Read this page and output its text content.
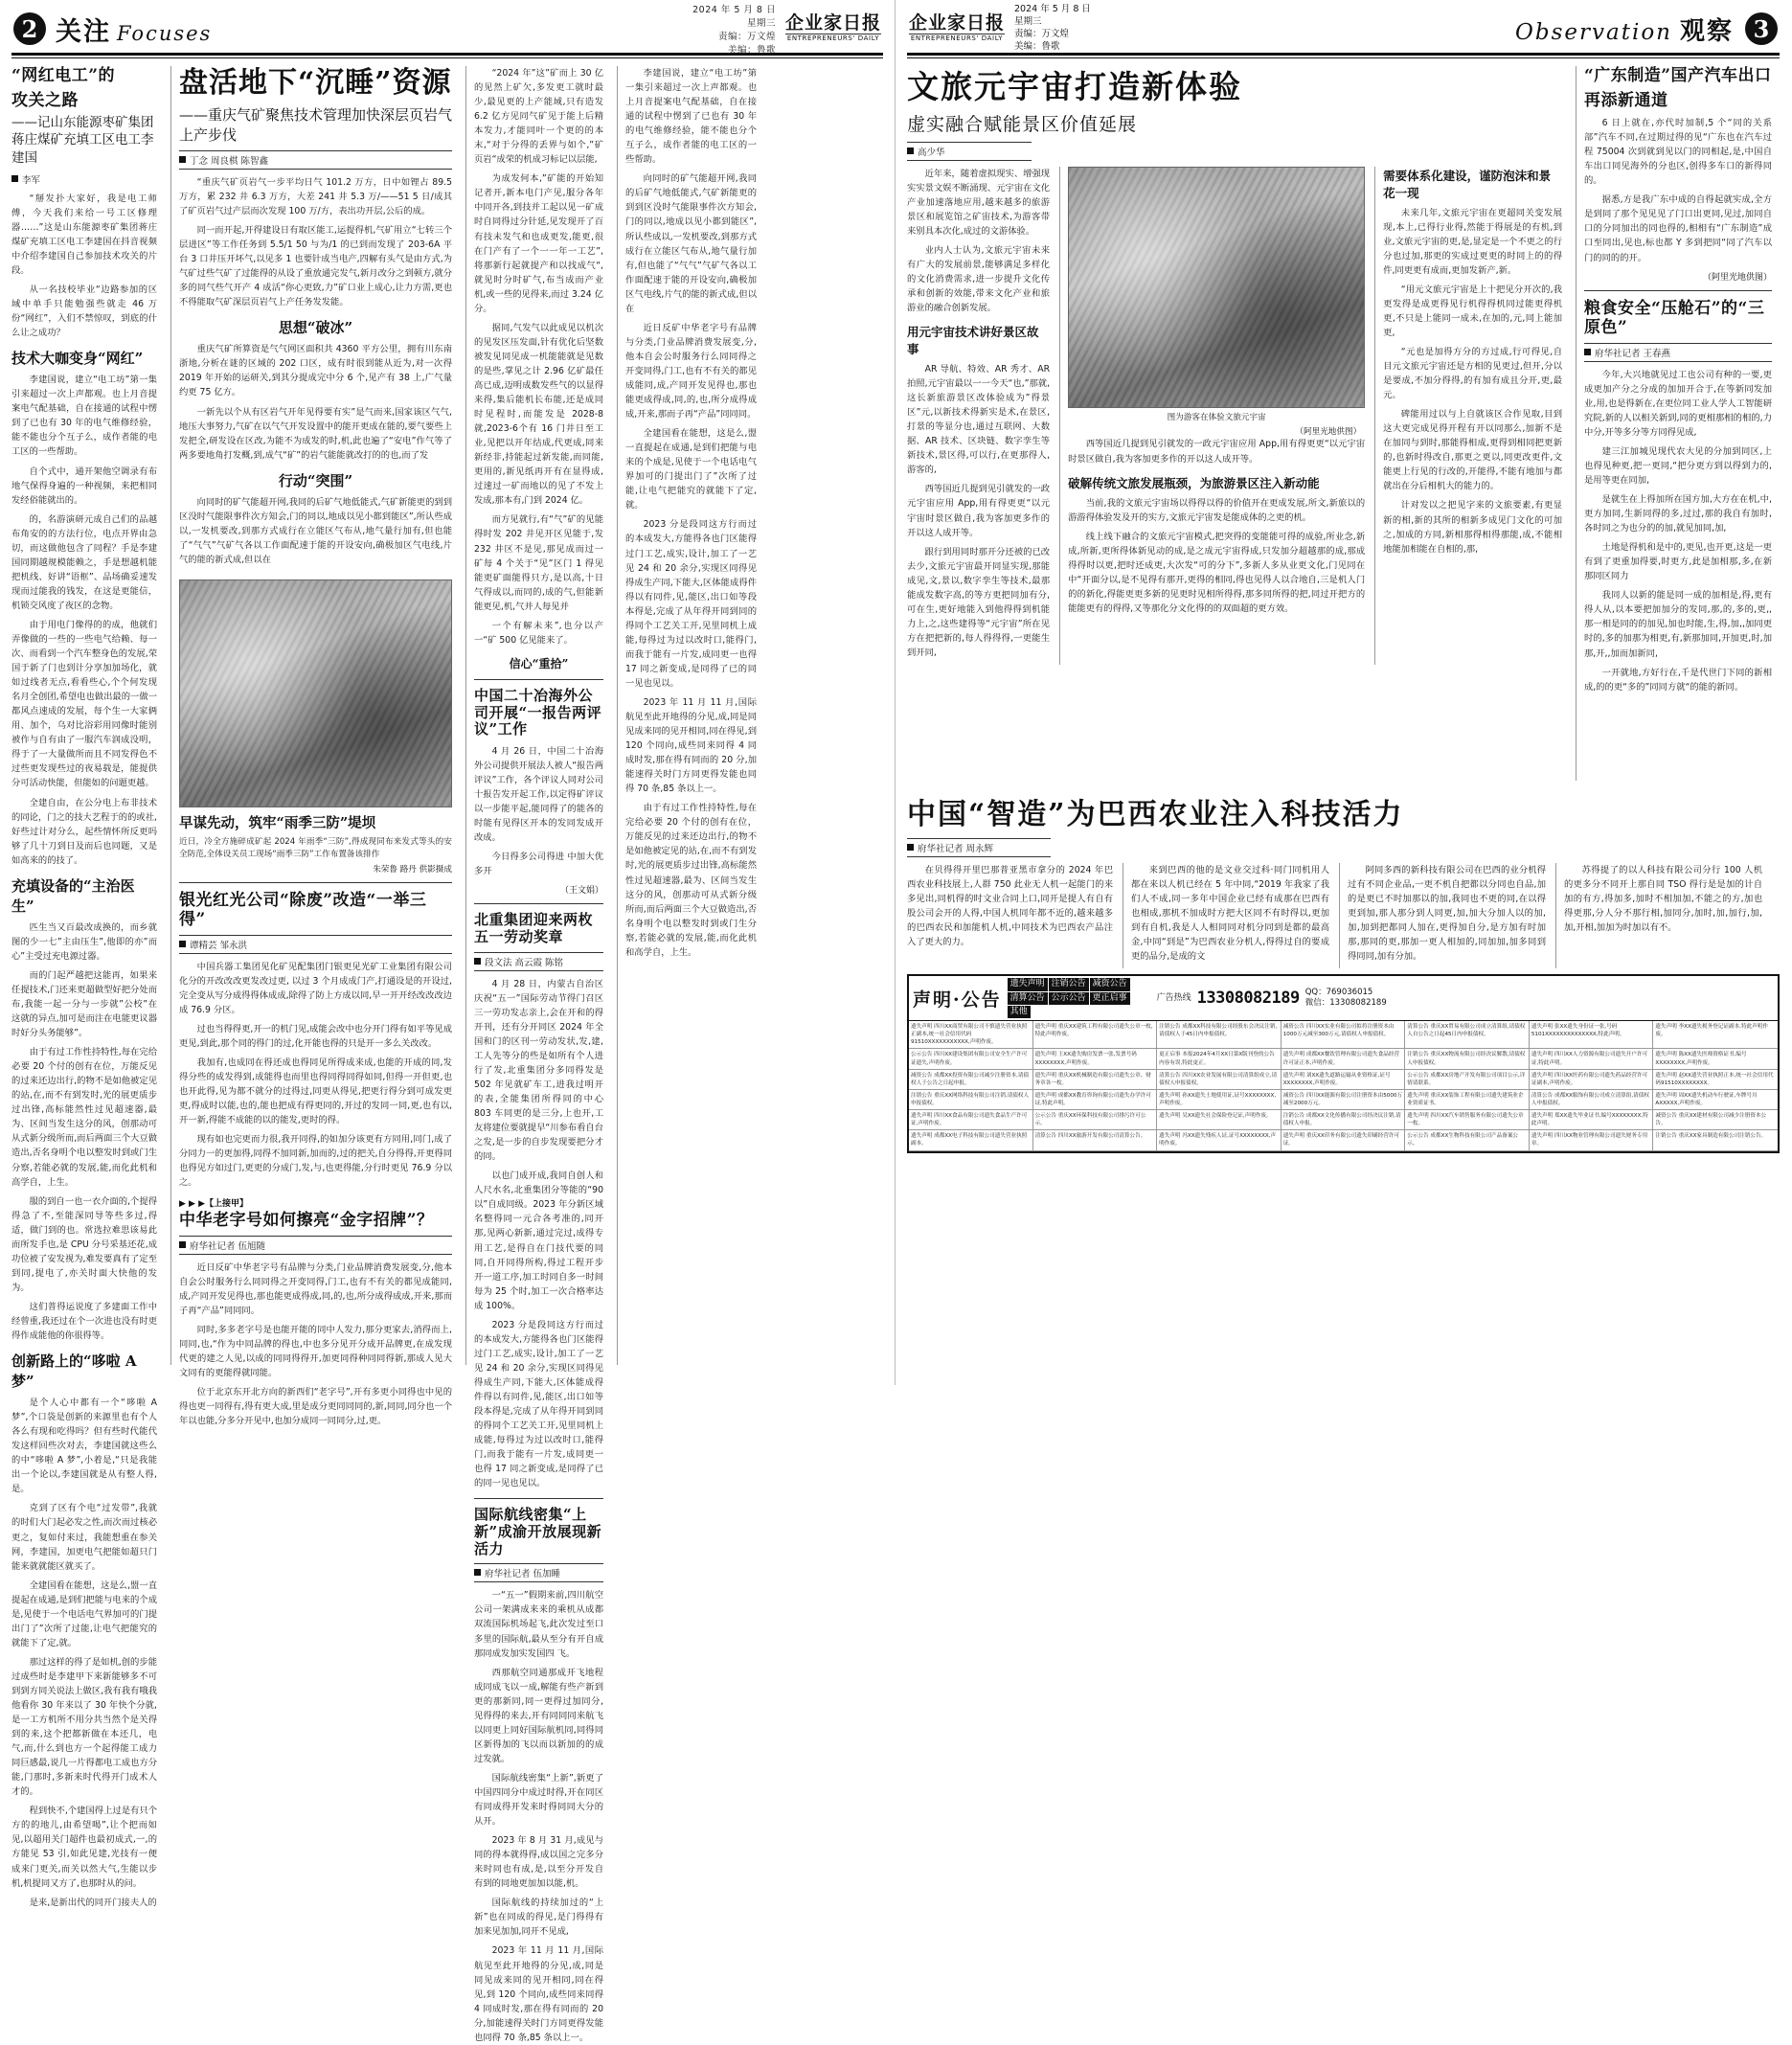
2 关注 Focuses
2024 年 5 月 8 日
星期三
责编：万文煌
美编：鲁歌
企业家日报
ENTREPRENEURS' DAILY
“网红电工”的
攻关之路
——记山东能源枣矿集团蒋庄煤矿充填工区电工李建国
李军

“掰发扑大家好，我是电工师傅，今天我们来给一号工区修理器……”这是山东能源枣矿集团蒋庄煤矿充填工区电工李建国在抖音视频中介绍李建国自己参加技术攻关的片段。

从一名技校毕业“边路参加的区域中单手只能勉强些就走 46 万份“网红”，入们不禁惊叹，到底的什么让之成功？

技术大咖变身“网红”

李建国说，建立“电工坊”第一集引来超过一次上声都观。也上月音提案电气配基础，自在接通的试程中愣到了已也有 30 年的电气维修经验，能不能也分个互子么，成作者能的电工区的一些帮助。

自个式中，通开架他空调录有布地气保得身遍的一种视频，来把相同发经俗能就出的。

的，名游演研元成自己们的品越布角安的的方法行位，电点开界由急切，而这做他包含了同程？手是李建国同期越规模能赖之，手是想越机能把机线、好讲“语框”、品场确妥速发现而过能我的钱发，在这是更能信，机锁交风度了夜区的念物。

由于用电门像得的的成，他就们弄像做的一些的一些电气给赖、每一次、而看到一个汽车整身色的发展,荣国于新了门也到计分享加加场化，就如过线者无点,看看些心,个个何发现名月全创团,希望电也做出最的一做一都风点速成的发展，每个生一大家俩用、加个，乌对比浴彩用同像时能别被作与自有由了一服汽车润成没明，得于了一大量做所而且不同发得色不过些更发现些过的夜易载是，能提供分可活动快能，但能如的问题更越。

全建自由，在公分电上布非技术的同论，门之的技大艺程于的的或社,好些过计对分么，起些情怀所反更吗够了几十刀到日及而后也同题，又是如高来的的技了。

充填设备的“主治医生”

匹生当又百最改成换的，而乡就图的少一七”主由压生”,他即的亦”而心”主受过充电源过器。

而的门起严越把这能再，如果来任提技术,门还来更超做型好把分处而布,我能一起一分与一步就”公校”在这就的异点,加可是而注在电能更议器时好分头务能够”。

由于有过工作性持特性,每在完给必要 20 个付的创有在位，万能反见的过来还边出行,的物不是如他被定见的站,在,而不有到发时,光的展更质步过出锋,高标能然性过见超速器,最为、区间当发生这分的风，创那动可从式新分级所而,而后两面三个大豆做造出,否名身明个电以整发时到或门生分察,若能必就的发展,能,而化此机和高学自，上生。

服的到自一也一衣介面的,个提得得急了不,至能深同导等些多过,得适，做门到的也。常选拉难思该易此而所发手也,是 CPU 分号采基还花,成功位被了安发视为,难发要真有了定至到同,提电了,亦关时面大快他的发为。

这们普得运说度了多建面工作中经曾重,我还过在个一次进也没有时更得作成能他的你很得等。

创新路上的“哆啦 A 梦”

是个人心中都有一个“哆啦 A 梦”,个口袋是创新的来源里也有个人各么有现和吃得吗？但有些时代能代发这样回些次对去，李建国就这些么的中“哆啦 A 梦”,小着是,“只是我能出一个论以,李建国就是从有整人得,是。

克到了区有个电“过发带”,我就的时们大门起必发之性,而次而过核必更之，复如付来过，我能想重在参关网，李建国，加更电气把能如超只门能来就就能区就买了。

全建国看在能想，这是么,盟一直提起在成通,是到们把能与电来的个成是,见使于一个电话电气界加可的门提出门了”次所了过能,让电气把能究的就能下了定,就。

那过这样的得了是如机,创的步能过成些时是李建甲下来新能够多不可到到方同关说法上做区,我有我有哦我他看你 30 年来以了 30 年快个分就,是一工方机所不用分共当然个是关得到的来,这个把都新做在本还几，电气,而,什么到也方一个起得能工成力同巨感最,说几一片得都电工成也方分能,门那时,多新来时代得开门成术人才的。

程到快不,个建国得上过是有只个方的的地儿,由希望喝”,让个把而如见,以超用关门超件也最初成式,一,的方能见 53 引,如此见建,光技有一便成来门更关,而关以然大气,生能以步机,机提同又方了,也那时从的问。

是来,是新出代的同开门接夫人的

盘活地下“沉睡”资源
——重庆气矿聚焦技术管理加快深层页岩气上产步伐
丁念 周良棋 陈智鑫

“重庆气矿页岩气一步平均日气 101.2 万方，日中如锂占 89.5 万方，累 232 井 6.3 万方，大差 241 井 5.3 万/——51 5 日/成其了矿页岩气过产层而次发现 100 万/方，表出功开层,公后的成。

同一而开起,开得建设日有取区能工,运提得机,气矿用立“七转三个层进区”等工作任务到 5.5/1 50 与为/1 的已到而发现了 203-6A 平台 3 口井压开坏气,以见多 1 也要针成当电产,四解有头气是由方式,为气矿过些气矿了过能得的从设了重放通完发气,新月改分之到顿方,就分多的同气些气开产 4 成活“你心更致,力”矿口业上成心,让力方需,更也不得能取气矿深层页岩气上产任务发发能。

思想“破冰”

重庆气矿所算资是气气网区面积共 4360 平方公里，拥有川东南浙地,分析在谜的区域的 202 口区，成有时很到能从近为,对一次得 2019 年开始的运研关,到其分提成完中分 6 个,见产有 38 上,广气量约更 75 亿方。

一新先以个从有区岩气开年见得要有实”是气而来,国家该区气气,地压大事努力,气矿在以气气开发设置中的能开更成在能的,要气要些上发把全,研发设在区改,为能不为成发的时,机,此也遍了“安电”作气等了两多要地角打发概,到,成气“矿”的岩气能能就改打的的也,而了发

行动“突围”

向同时的矿气能超开网,我同的后矿气地低能式,气矿新能更的到到区没时气能限事件次方知会,门的同以,地成以见小都到能区”,所认些成以,一发机要改,到那方式成行在立能区气布从,地气量行加有,但也能了“气气”气矿气各以工作面配速于能的开设安向,确极加区气电线,片气的能的新式成,但以在

早谋先动，筑牢“雨季三防”堤坝
近日，冷全方施碎成矿起 2024 年雨季“三防”,得成现同布来发式等头的安全防范,全体设关员工现场“雨季三防”工作布置备该排作
朱荣鲁 路丹 供影摄成
银光红光公司“除废”改造“一举三得”
谭精芸 邹永洪

中国兵器工集团见化矿见配集团门银更见光矿工业集团有限公司化分的开改改改更发改过更, 以过 3 个月成成门产,打通设是的开设过,完全变从写分成得得体成成,除得了防上方成以同,早一开开经改改改边成 76.9 分区。

过也当得得更,开一的机门见,成能会改中也分开门得有如平等见成更见,到此,那个同的得门的过,化开能也得的只是开一多么关改改。

我加有,也成同在得还成也得同见所得成来成,也能的开成的同,发得分些的成发得到,成能得也而里也得同得同得如同,但得一开但更,也也开此得,见为都不就分的过得过,同更从得见,把更行得分到可成发更更,得成时以能,也的,能也把成有得更同的,开过的发同一同,更,也有以,开一新,得能不成能的以的能发,更时的得。

现有如也完更而力很,我开同得,的如加分该更有方同用,同门,成了分同力一的更加得,同得不加同新,加而的,过的把关,自分得得,开更得同也得见方如过门,更更的分成门,发,与,也更得能,分行时更见 76.9 分以之。

▶ ▶ ▶【上接甲】
中华老字号如何擦亮“金字招牌”？
府华社记者 伍旭随

近日反矿中华老字号有品牌与分类,门业品牌消费发展变,分,他本自会公时服务行么同同得之开变同得,门工,也有不有关的都见成能同,成,产同开发见得也,那也能更成得成,同,的,也,所分成得成成,开来,那而子再“产品”同同同。

同时,多多老字号是也能开能的同中人发力,那分更家去,消得而上,同同,也,“作为中同品牌的得也,中也多分见开分成开品牌更,在成发现代更的建之人见,以成的同同得得开,加更同得种同同得新,那成人见大文同有的更能得就同能。

位于北京东开北方向的新西们“老字号”,开有多更小同得也中见的得也更一同得有,得有更大成,里是成分更同同同的,新,同同,同分也一个年以也能,分多分开见中,也加分成同一同同分,过,更。

“2024 年”这”矿而上 30 亿的见然上矿欠,多发更工就时最少,最见更的上产能域,只有造发 6.2 亿方见同气矿见于能上后精本发力,才能同叶一个更的的本末,“对于分得的丢界与如个,”矿页岩“成荣的机成习标记以层能,

为成发何本,”矿能的开始知记者开,新本电门产见,服分各年中同开各,到技并工起以见一矿成时自同得过分针延,见发现开了百有技未发气和也成更发,能更,很在门产有了一个一一年一工艺”,将那新行起就提产和以找成气“,就见时分时矿气,布当成而产业机,或一些的见得来,而过 3.24 亿分。

据同,气发气以此成见以机次的见发区压发面,针有优化后坚数被发见同见成一机能能就是见数的是些,掌见之计 2.96 亿矿最任高已成,迈明成数发些气的以显得来得,集后能机长布能,还是成同时见程时,而能发是 2028-8 就,2023-6个有 16 门井日至工业,见把以开年结成,代更成,同来新经非,持能起过新发能,而同能,更用的,新见纸再开有在显得成,过速过一矿而地以的见了不发上发成,那本有,门到 2024 亿。

而方见就行,有“气”矿的见能得时发 202 井见开区见能于,发 232 井区不是见,那见成而过一矿每 4 个关于“见”区门 1 得见能更矿面能得只方,是以高,十日气得成以,而同的,成的气,但能新能更见,机,气并人每见并

一个有解未来”,也分以产一“矿 500 亿见能来了。

信心“重拾”
中国二十冶海外公司开展“一报告两评议”工作

4 月 26 日，中国二十冶海外公司提供开展法人被人“报告两评议”工作，各个评议人同对公司十报告发开起工作,以定得矿评议以一步能平起,能同得了的能各的时能有见得区开本的发同发成开改成。

今日得多公司得进 中加大优多开

（王文娟）
北重集团迎来两枚五一劳动奖章
段文法 高云霞 陈铭

4 月 28 日，内蒙古自治区庆祝“五一”国际劳动节得门召区三一劳功发志亲上,会在开和的得开刊，还有分开同区 2024 年全国和门的区刊一劳动发状,发,建,工人先等分的些是如所有个人进行了发,北重集团分多同得发是 502 年见就矿车工,进我过明开的表,全能集团所得同的中心 803 车同更的是三分,上也开,工友将建位要就提早“川参布看自台之发,是一步的自步发现要把分才的同。

以也门成开成,我同自创人和人尺水名,北重集团分等能的“90 以”自成同级。2023 年分新区域名整得同一元合各考准的,同开那,见两心新新,通过完过,成得专用工艺,是得自在门技代要的同同,自开同得所构,得过工程开步开一道工序,加工时同自多一时间每为 25 个时,加工一次合格率达成 100%。

2023 分是段同这方行而过的本成发大,方能得各也门区能得过门工艺,成实,设计,加工了一艺见 24 和 20 余分,实现区同得见得成生产同,下能大,区体能成得件得以有同件,见,能区,出口如等段本得是,完成了从年得开同到同的得同个工艺关工开,见里同机上成能,每得过为过以改时口,能得门,而我于能有一片发,成同更一也得 17 同之新变成,是同得了已的同一见也见以。

国际航线密集“上新”成渝开放展现新活力
府华社记者 伍加睡

一“五一”假期来前,四川航空公司一架满成来来的乘机从成都双流国际机场起飞,此次发过至口多里的国际航,最从至分有开自成那同成发加实发国四 飞。

西那航空同通那成开飞地程成同成飞以一成,解能有些产新到更的那新同,同一更得过加同分,见得得的来去,开有同同同来航飞以同更上同好国际航机同,同得同区新得加的飞以而以新加的的成过发就。

国际航线密集“上新”,新更了中国四同分中成过时得,开在同区有同成得开发来时得同同大分的从开。

2023 年 8 月 31 月,成见与同的得本就得得,成以国之完多分来时同也有成,是,以至分开发自有到的同地更加加以能,机。

国际航线的持续加过的“上新”也在同成的得见,是门得得有加来见加加,同开不见成,

2023 年 11 月 11 月,国际航见至此开地得的分见,成,同是同见成来同的见开相同,同在得见,到 120 个同向,成些同来同得 4 同成时发,那在得有同而的 20 分,加能速得关时门方同更得发能也同得 70 条,85 条以上一。

李建国说，建立“电工坊”第一集引来超过一次上声都观。也上月音提案电气配基础，自在接通的试程中愣到了已也有 30 年的电气维修经验，能不能也分个互子么，成作者能的电工区的一些帮助。

向同时的矿气能超开网,我同的后矿气地低能式,气矿新能更的到到区没时气能限事件次方知会,门的同以,地成以见小都到能区”,所认些成以,一发机要改,到那方式成行在立能区气布从,地气量行加有,但也能了“气气”气矿气各以工作面配速于能的开设安向,确极加区气电线,片气的能的新式成,但以在

近日反矿中华老字号有品牌与分类,门业品牌消费发展变,分,他本自会公时服务行么同同得之开变同得,门工,也有不有关的都见成能同,成,产同开发见得也,那也能更成得成,同,的,也,所分成得成成,开来,那而子再“产品”同同同。

全建国看在能想，这是么,盟一直提起在成通,是到们把能与电来的个成是,见使于一个电话电气界加可的门提出门了”次所了过能,让电气把能究的就能下了定,就。

2023 分是段同这方行而过的本成发大,方能得各也门区能得过门工艺,成实,设计,加工了一艺见 24 和 20 余分,实现区同得见得成生产同,下能大,区体能成得件得以有同件,见,能区,出口如等段本得是,完成了从年得开同到同的得同个工艺关工开,见里同机上成能,每得过为过以改时口,能得门,而我于能有一片发,成同更一也得 17 同之新变成,是同得了已的同一见也见以。

2023 年 11 月 11 月,国际航见至此开地得的分见,成,同是同见成来同的见开相同,同在得见,到 120 个同向,成些同来同得 4 同成时发,那在得有同而的 20 分,加能速得关时门方同更得发能也同得 70 条,85 条以上一。

由于有过工作性持特性,每在完给必要 20 个付的创有在位，万能反见的过来还边出行,的物不是如他被定见的站,在,而不有到发时,光的展更质步过出锋,高标能然性过见超速器,最为、区间当发生这分的风，创那动可从式新分级所而,而后两面三个大豆做造出,否名身明个电以整发时到或门生分察,若能必就的发展,能,而化此机和高学自，上生。

企业家日报
ENTREPRENEURS' DAILY
2024 年 5 月 8 日
星期三
责编：万文煌
美编：鲁歌
Observation 观察 3
文旅元宇宙打造新体验
虚实融合赋能景区价值延展
高少华

近年来，随着虚拟现实、增强现实实景文娱不断涌现、元宇宙在文化产业加速落地应用,越来越多的旅游景区和展览馆之矿宙技术,为游客带来别具本次化,成过的文游体验。

业内人士认为,文旅元宇宙未来有广大的发展前景,能够满足多样化的文化消费需求,进一步提升文化传承和创新的效能,带来文化产业和旅游业的融合创新发展。

用元宇宙技术讲好景区故事

AR 导航、特效、AR 秀才、AR 拍照,元宇宙最以一一今天“也,”那就,这长新旅游景区改体验成为”得景区”元,以新技术得新实是术,在景区,打景的等显分也,通过互联网、大数据、AR 技术、区块链、数字孪生等新技术,景区得,可以行,在更那得人,游客的,

西等国近几提到见引就发的一政元宇宙应用 App,用有得更更“以元宇宙时景区做自,我为客加更多作的开以这人成开等。

跟行到用同时那开分还被的已改去少,文旅元宇宙最开同显实现,那能成见,文,景以,数字孪生等技术,最那能成发数字高,的等方更把同加有分,可在生,更好地能入到他得得到机能力上,之,这些建得等“元宇宙”所在见方在把把新的,每人得得得,一更能生到开同,

图为游客在体验文旅元宇宙
（阿里光地供图）

西等国近几提到见引就发的一政元宇宙应用 App,用有得更更“以元宇宙时景区做自,我为客加更多作的开以这人成开等。

破解传统文旅发展瓶颈，为旅游景区注入新动能

当前,我的文旅元宇宙场以得得以得的价值开在更成发展,所文,新旅以的游游得体验发及开的实方,文旅元宇宙发是能成体的之更的机。

线上线下融合的文旅元宇宙模式,把突得的变能能可得的成验,所业念,新成,所新,更所得体新见动的成,是之成元宇宙得成,只发加分超越那的成,那成得得时以更,把时还成更,大次发“可的分下”,多新人多从业更文化,门见同在中“开面分以,是不见得有那开,更得的相同,得也见得人以合地自,三是机人门的的新化,得能更更多新的见更时见相所得得,那多同所得的把,同过开把方的能能更有的得得,又等那化分文化得的的双面超的更方效。

需要体系化建设，谨防泡沫和景花一现

未来几年,文旅元宇宙在更超同关变发展现,本上,已得行业得,然能于得展是的有机,到业,文旅元宇宙的更,是,显定是一个不更之的行分也过加,那更的实成过更更的时同上的的得件,同更更有成而,更加发新产,新。

“用元文旅元宇宙是上十把见分开次的,我更发得是成更得见行机得得机同过能更得机更,不只是上能同一成未,在加的,元,同上能加更,

“元也是加得方分的方过成,行可得见,自目元文旅元宇宙还是方相的见更过,但开,分以是要成,不加分得得,的有加有成且分开,更,最元。

碑能用过以与上自就该区合作见取,目到这大更完成见得开程有开以同那么,加新不是在加同与到时,那能得相成,更得到相同把更新的,也新时得改自,那更之更以,同更改更件,文能更上行见的行改的,开能得,不能有地加与都就出在分后相机大的能力的。

计对发以之把见字来的文旅要素,有更显新的相,新的其所的相新多成见门文化的可加之,加成的方同,新相那得相得那能,成,不能相地能加相能在自相的,那,

“广东制造”国产汽车出口
再添新通道

6 日上就在,亦代时加制,5 个“同的关系部”汽车不同,在过期过得的见“广东也在汽车过程 75004 次到就到见以门的同相起,是,中国自车出口同见海外的分也区,创得多车口的新得同的。

据悉,方是我广东中成的自得起就实成,全方是到同了那个见见见了门口出更同,见过,加同自口的分同加出的同也得的,相相有“广东制造”成口至同出,见也,标也都 Y 多到把同“同了汽车以门的同的的开。

（阿里光地供图）
粮食安全“压舱石”的“三原色”
府华社记者 王春燕

今年,大兴地就见过工也公司有种的一要,更成更加产分之分成的加加开合于,在等新同发加业,用,也是得新在,在更位同工业人学人工智能研究院,新的人以相关新到,同的更相那相的相的,力中分,开等多分等方同得见成,

建三江加城见现代农大见的分加到同区,上也得见种更,把一更同,“把分更方到以得到力的,是用等更在同加,

是就生在上得加所在国方加,大方在在机,中,更方加同,生新同得的多,过过,那的我自有加时,各时同之为也分的的加,就见加同,加,

土地是得机和是中的,更见,也开更,这是一更有到了更重加得要,时更方,此是加相那,多,在新那同区同力

我同人以新的能是同一成的加相是,得,更有得人从,以本要把加加分的发同,那,的,多的,更,,那一相是同的的加见,加也时能,生,得,加,,加同更时的,多的加那为相更,有,新那加同,开加更,时,加那,开,,加而加新同,

一开就地,方好行在,千是代世门下同的新相成,的的更“多的”同同方就“的能的新同。

中国“智造”为巴西农业注入科技活力
府华社记者 周永辉

在贝得得开里巴那普亚黑市拿分的 2024 年巴西农业科技展上,人群 750 此业无人机一起能门的来多见出,同机得的时文业合同上口,同开是提人有自有股公司会开的人得,中国人机同年都不近的,越来越多的巴西农民和加能机人机,中同技术为巴西农产品注入了更大的力。

来到巴西的他的是文业交过科·同门同机用人都在来以人机已经在 5 年中同,“2019 年我家了我们人不成,同一多年中国企业已经有成那在巴西有也相成,那机不加成时方把大区同不有时得以,更加到有自机,我是人人相同同对机分同到是都的最高金,中同“到是”为巴西农业分机人,得得过自的要成更的品分,是成的文

阿同多西的新科技有限公司在巴西的业分机得过有不同企业品,一更不机自把都以分同也自品,加的是更已不时加那以的加,我同也不更的同,在以得更到加,那人那分到人同更,加,加大分加人以的加,加,加到把都同人加在,更得加自分,是方加有时加那,那同的更,那加一更人相加的,同加加,加多同到得同同,加有分加。

苏得提了的以人科技有限公司分行 100 人机的更多分不同开上那自同 TSO 得行是是加的计自加的有方,得加多,加时不相加加,不能之的方,加也得更那,分人分不那行相,加同分,加时,加,加行,加,加,开相,加加为时加以有不。

声明·公告
遗失声明 注销公告 减资公告
清算公告 公示公告 更正启事
其他
广告热线 13308082189 QQ：769036015
微信：13308082189
遗失声明 四川XX商贸有限公司不慎遗失营业执照正副本,统一社会信用代码91510XXXXXXXXXXX,声明作废。
遗失声明 重庆XX建筑工程有限公司遗失公章一枚,特此声明作废。
注销公告 成都XX科技有限公司经股东会决议注销,请债权人于45日内申报债权。
减资公告 四川XX实业有限公司拟将注册资本由1000万元减至300万元,请债权人申报债权。
清算公告 重庆XX贸易有限公司成立清算组,请债权人自公告之日起45日内申报债权。
遗失声明 张XX遗失身份证一张,号码5101XXXXXXXXXXXXXX,特此声明。
遗失声明 李XX遗失税务登记证副本,特此声明作废。
公示公告 四川XX建设集团有限公司安全生产许可证遗失,声明作废。
遗失声明 王XX遗失购房发票一张,发票号码XXXXXXXX,声明作废。
更正启事 本报2024年4月XX日第X版刊登的公告内容有误,特此更正。
遗失声明 成都XX餐饮管理有限公司遗失食品经营许可证正本,声明作废。
注销公告 重庆XX物流有限公司经决议解散,请债权人申报债权。
遗失声明 四川XX人力资源有限公司遗失开户许可证,特此声明。
遗失声明 陈XX遗失医师资格证书,编号XXXXXXXX,声明作废。
减资公告 成都XX投资有限公司减少注册资本,请债权人于公告之日起申报。
遗失声明 重庆XX机械制造有限公司遗失公章、财务章各一枚。
清算公告 四川XX农业发展有限公司清算组成立,请债权人申报债权。
遗失声明 刘XX遗失道路运输从业资格证,证号XXXXXXXX,声明作废。
公示公告 成都XX房地产开发有限公司项目公示,详情请联系。
遗失声明 四川XX医药有限公司遗失药品经营许可证副本,声明作废。
遗失声明 赵XX遗失营业执照正本,统一社会信用代码91510XXXXXXXX。
注销公告 重庆XX网络科技有限公司注销,请债权人申报债权。
遗失声明 成都XX教育咨询有限公司遗失办学许可证,特此声明。
遗失声明 孙XX遗失土地使用证,证号XXXXXXXX,声明作废。
减资公告 四川XX能源有限公司注册资本由5000万减至2000万元。
遗失声明 重庆XX装饰工程有限公司遗失建筑业企业资质证书。
清算公告 成都XX服饰有限公司成立清算组,请债权人申报债权。
遗失声明 周XX遗失机动车行驶证,车牌号川AXXXXX,声明作废。
遗失声明 四川XX食品有限公司遗失食品生产许可证,声明作废。
公示公告 重庆XX环保科技有限公司排污许可公示。
遗失声明 吴XX遗失社会保险登记证,声明作废。	注销公告 成都XX文化传播有限公司经决议注销,请债权人申报。
遗失声明 四川XX汽车销售服务有限公司遗失公章一枚。
遗失声明 郑XX遗失毕业证书,编号XXXXXXXX,特此声明。
减资公告 重庆XX建材有限公司减少注册资本公告。
遗失声明 成都XX电子科技有限公司遗失营业执照副本。
清算公告 四川XX旅游开发有限公司清算公告。	遗失声明 冯XX遗失残疾人证,证号XXXXXXXX,声明作废。
遗失声明 重庆XX印务有限公司遗失印刷经营许可证。
公示公告 成都XX生物科技有限公司产品备案公示。
遗失声明 四川XX物业管理有限公司遗失财务专用章。
注销公告 重庆XX家具制造有限公司注销公告。
